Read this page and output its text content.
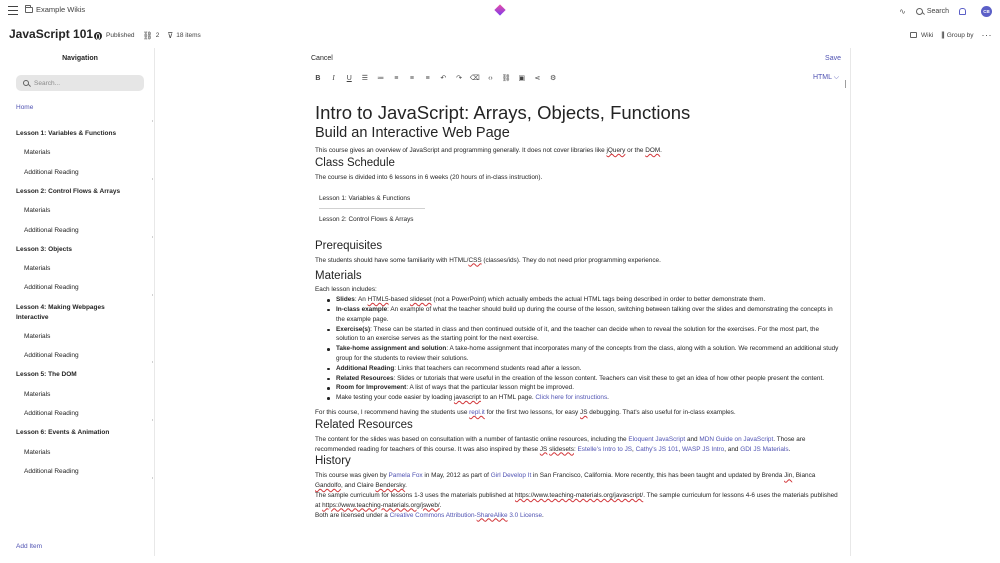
Example Wikis	∿	Search	CB
JavaScript 101 Published ⛓ 2 ⊽ 18 items	Wiki ||| Group by ···
Navigation
Search...
Home
Lesson 1: Variables & Functions
Materials
Additional Reading
Lesson 2: Control Flows & Arrays
Materials
Additional Reading
Lesson 3: Objects
Materials
Additional Reading
Lesson 4: Making Webpages Interactive
Materials
Additional Reading
Lesson 5: The DOM
Materials
Additional Reading
Lesson 6: Events & Animation
Materials
Additional Reading
Add Item
Cancel	Save
B	I	U	☰	≔	≡	≡	≡	↶	↷	⌫	‹›	⛓	▣	⋖	⚙	HTML ⌵
Intro to JavaScript: Arrays, Objects, Functions
Build an Interactive Web Page

This course gives an overview of JavaScript and programming generally. It does not cover libraries like jQuery or the DOM.

Class Schedule

The course is divided into 6 lessons in 6 weeks (20 hours of in-class instruction).

Lesson 1: Variables & Functions
Lesson 2: Control Flows & Arrays
Prerequisites

The students should have some familiarity with HTML/CSS (classes/ids). They do not need prior programming experience.

Materials

Each lesson includes:

Slides: An HTML5-based slideset (not a PowerPoint) which actually embeds the actual HTML tags being described in order to better demonstrate them.
In-class example: An example of what the teacher should build up during the course of the lesson, switching between talking over the slides and demonstrating the concepts in the example page.
Exercise(s): These can be started in class and then continued outside of it, and the teacher can decide when to reveal the solution for the exercises. For the most part, the solution to an exercise serves as the starting point for the next exercise.
Take-home assignment and solution: A take-home assignment that incorporates many of the concepts from the class, along with a solution. We recommend an additional study group for the students to review their solutions.
Additional Reading: Links that teachers can recommend students read after a lesson.
Related Resources: Slides or tutorials that were useful in the creation of the lesson content. Teachers can visit these to get an idea of how other people present the content.
Room for Improvement: A list of ways that the particular lesson might be improved.
Make testing your code easier by loading javascript to an HTML page. Click here for instructions.

For this course, I recommend having the students use repl.it for the first two lessons, for easy JS debugging. That's also useful for in-class examples.

Related Resources

The content for the slides was based on consultation with a number of fantastic online resources, including the Eloquent JavaScript and MDN Guide on JavaScript. Those are recommended reading for teachers of this course. It was also inspired by these JS slidesets: Estelle's Intro to JS, Cathy's JS 101, WASP JS Intro, and GDI JS Materials.

History

This course was given by Pamela Fox in May, 2012 as part of Girl Develop It in San Francisco, California. More recently, this has been taught and updated by Brenda Jin, Bianca Gandolfo, and Claire Bendersky.

The sample curriculum for lessons 1-3 uses the materials published at https://www.teaching-materials.org/javascript/. The sample curriculum for lessons 4-6 uses the materials published at https://www.teaching-materials.org/jsweb/.

Both are licensed under a Creative Commons Attribution-ShareAlike 3.0 License.
